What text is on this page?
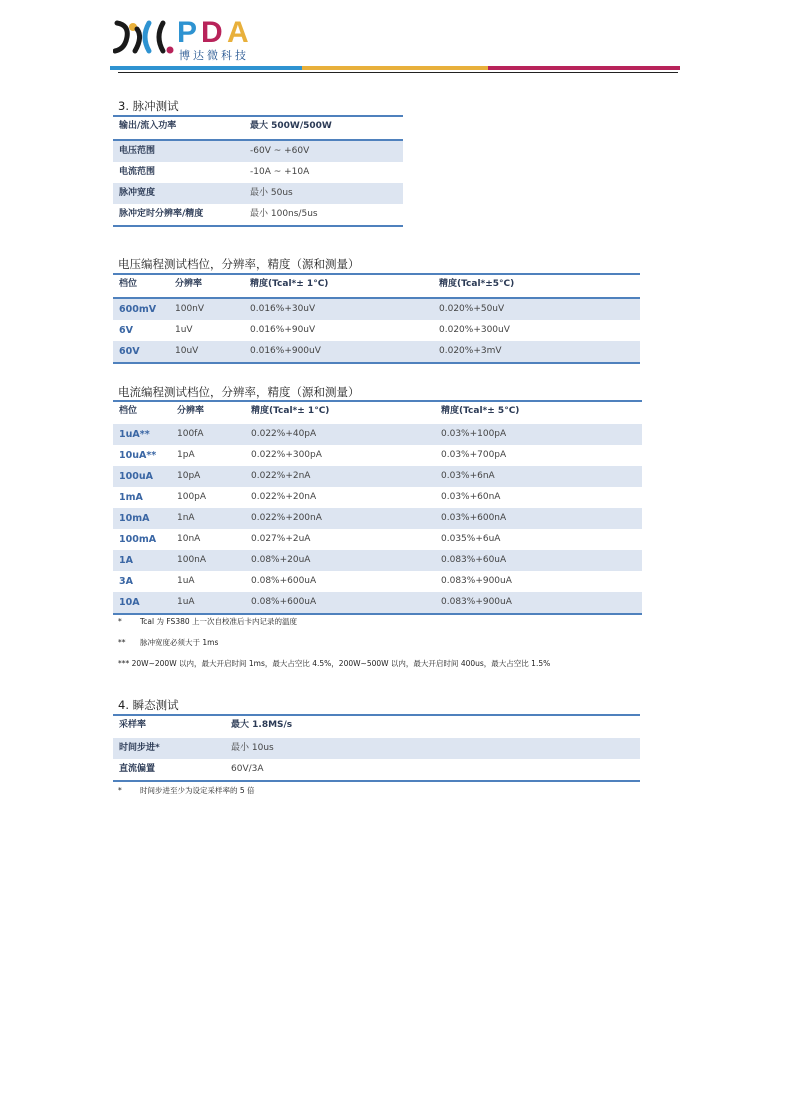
P D A
博达微科技
3. 脉冲测试
输出/流入功率	最大 500W/500W
电压范围	-60V ~ +60V
电流范围	-10A ~ +10A
脉冲宽度	最小 50us
脉冲定时分辨率/精度	最小 100ns/5us
电压编程测试档位，分辨率，精度（源和测量）
档位	分辨率	精度(Tcal*± 1°C)	精度(Tcal*±5°C)
600mV 100nV	0.016%+30uV	0.020%+50uV
6V	1uV	0.016%+90uV	0.020%+300uV
60V	10uV	0.016%+900uV	0.020%+3mV
电流编程测试档位，分辨率，精度（源和测量）
档位	分辨率	精度(Tcal*± 1°C)	精度(Tcal*± 5°C)
1uA**	100fA	0.022%+40pA	0.03%+100pA
10uA** 1pA	0.022%+300pA	0.03%+700pA
100uA	10pA	0.022%+2nA	0.03%+6nA
1mA	100pA	0.022%+20nA	0.03%+60nA
10mA	1nA	0.022%+200nA	0.03%+600nA
100mA 10nA	0.027%+2uA	0.035%+6uA
1A	100nA	0.08%+20uA	0.083%+60uA
3A	1uA	0.08%+600uA	0.083%+900uA
10A	1uA	0.08%+600uA	0.083%+900uA
* Tcal 为 FS380 上一次自校准后卡内记录的温度
** 脉冲宽度必须大于 1ms
*** 20W~200W 以内，最大开启时间 1ms，最大占空比 4.5%，200W~500W 以内，最大开启时间 400us，最大占空比 1.5%
4. 瞬态测试
采样率	最大 1.8MS/s
时间步进*	最小 10us
直流偏置	60V/3A
* 时间步进至少为设定采样率的 5 倍
